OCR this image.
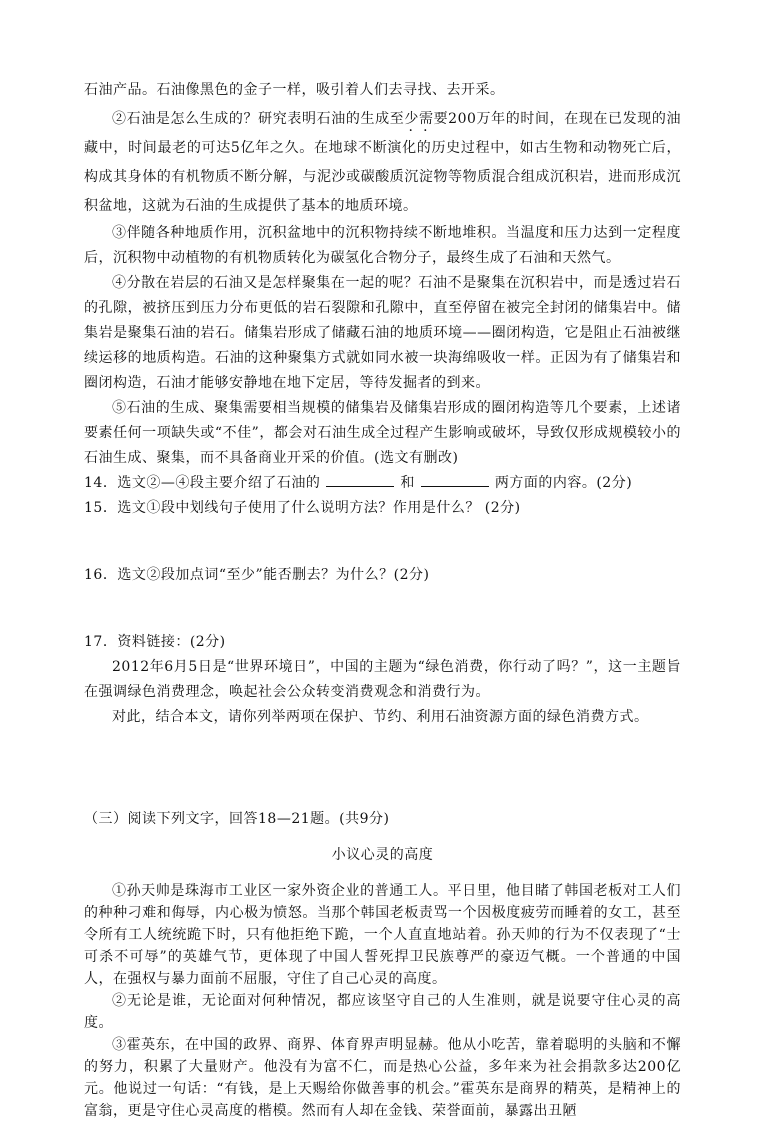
石油产品。石油像黑色的金子一样，吸引着人们去寻找、去开采。

②石油是怎么生成的？研究表明石油的生成至少需要200万年的时间，在现在已发现的油藏中，时间最老的可达5亿年之久。在地球不断演化的历史过程中，如古生物和动物死亡后，构成其身体的有机物质不断分解，与泥沙或碳酸质沉淀物等物质混合组成沉积岩，进而形成沉积盆地，这就为石油的生成提供了基本的地质环境。

③伴随各种地质作用，沉积盆地中的沉积物持续不断地堆积。当温度和压力达到一定程度后，沉积物中动植物的有机物质转化为碳氢化合物分子，最终生成了石油和天然气。

④分散在岩层的石油又是怎样聚集在一起的呢？石油不是聚集在沉积岩中，而是透过岩石的孔隙，被挤压到压力分布更低的岩石裂隙和孔隙中，直至停留在被完全封闭的储集岩中。储集岩是聚集石油的岩石。储集岩形成了储藏石油的地质环境——圈闭构造，它是阻止石油被继续运移的地质构造。石油的这种聚集方式就如同水被一块海绵吸收一样。正因为有了储集岩和圈闭构造，石油才能够安静地在地下定居，等待发掘者的到来。

⑤石油的生成、聚集需要相当规模的储集岩及储集岩形成的圈闭构造等几个要素，上述诸要素任何一项缺失或“不佳”，都会对石油生成全过程产生影响或破坏，导致仅形成规模较小的石油生成、聚集，而不具备商业开采的价值。(选文有删改)

14．选文②—④段主要介绍了石油的	和	两方面的内容。(2分)

15．选文①段中划线句子使用了什么说明方法？作用是什么？ (2分)

16．选文②段加点词“至少”能否删去？为什么？(2分)

17．资料链接：(2分)

2012年6月5日是“世界环境日”，中国的主题为“绿色消费，你行动了吗？”，这一主题旨在强调绿色消费理念，唤起社会公众转变消费观念和消费行为。

对此，结合本文，请你列举两项在保护、节约、利用石油资源方面的绿色消费方式。

（三）阅读下列文字，回答18—21题。(共9分)

小议心灵的高度

①孙天帅是珠海市工业区一家外资企业的普通工人。平日里，他目睹了韩国老板对工人们的种种刁难和侮辱，内心极为愤怒。当那个韩国老板责骂一个因极度疲劳而睡着的女工，甚至令所有工人统统跪下时，只有他拒绝下跪，一个人直直地站着。孙天帅的行为不仅表现了“士可杀不可辱”的英雄气节，更体现了中国人誓死捍卫民族尊严的豪迈气概。一个普通的中国人，在强权与暴力面前不屈服，守住了自己心灵的高度。

②无论是谁，无论面对何种情况，都应该坚守自己的人生准则，就是说要守住心灵的高度。

③霍英东，在中国的政界、商界、体育界声明显赫。他从小吃苦，靠着聪明的头脑和不懈的努力，积累了大量财产。他没有为富不仁，而是热心公益，多年来为社会捐款多达200亿元。他说过一句话：“有钱，是上天赐给你做善事的机会。”霍英东是商界的精英，是精神上的富翁，更是守住心灵高度的楷模。然而有人却在金钱、荣誉面前，暴露出丑陋
